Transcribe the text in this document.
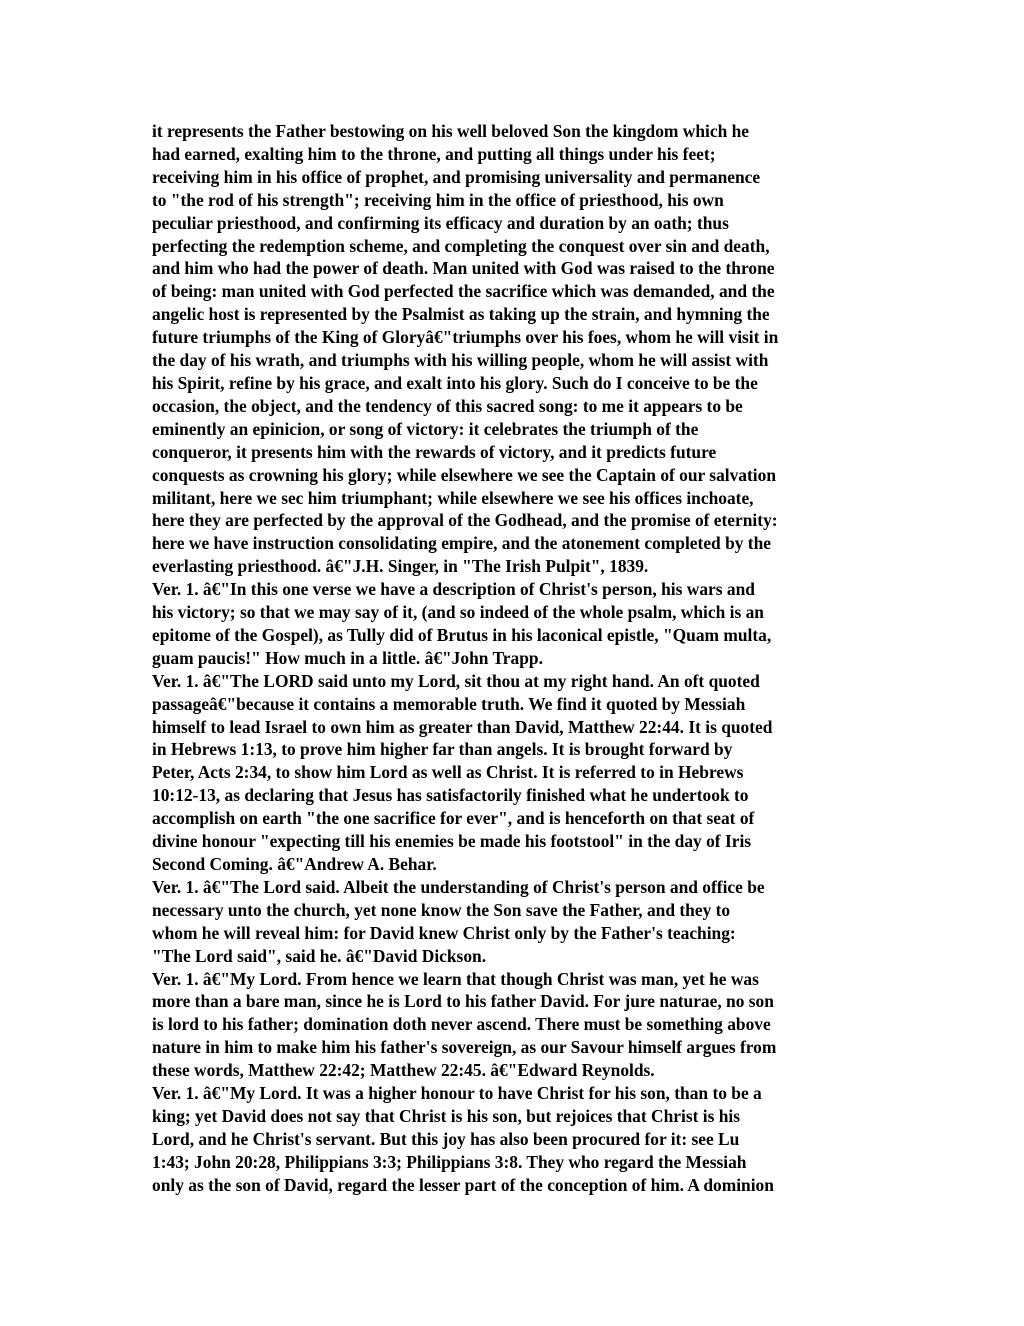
it represents the Father bestowing on his well beloved Son the kingdom which he
had earned, exalting him to the throne, and putting all things under his feet;
receiving him in his office of prophet, and promising universality and permanence
to "the rod of his strength"; receiving him in the office of priesthood, his own
peculiar priesthood, and confirming its efficacy and duration by an oath; thus
perfecting the redemption scheme, and completing the conquest over sin and death,
and him who had the power of death. Man united with God was raised to the throne
of being: man united with God perfected the sacrifice which was demanded, and the
angelic host is represented by the Psalmist as taking up the strain, and hymning the
future triumphs of the King of Gloryâ€"triumphs over his foes, whom he will visit in
the day of his wrath, and triumphs with his willing people, whom he will assist with
his Spirit, refine by his grace, and exalt into his glory. Such do I conceive to be the
occasion, the object, and the tendency of this sacred song: to me it appears to be
eminently an epinicion, or song of victory: it celebrates the triumph of the
conqueror, it presents him with the rewards of victory, and it predicts future
conquests as crowning his glory; while elsewhere we see the Captain of our salvation
militant, here we sec him triumphant; while elsewhere we see his offices inchoate,
here they are perfected by the approval of the Godhead, and the promise of eternity:
here we have instruction consolidating empire, and the atonement completed by the
everlasting priesthood. â€"J.H. Singer, in "The Irish Pulpit", 1839.
Ver. 1. â€"In this one verse we have a description of Christ's person, his wars and
his victory; so that we may say of it, (and so indeed of the whole psalm, which is an
epitome of the Gospel), as Tully did of Brutus in his laconical epistle, "Quam multa,
guam paucis!" How much in a little. â€"John Trapp.
Ver. 1. â€"The LORD said unto my Lord, sit thou at my right hand. An oft quoted
passageâ€"because it contains a memorable truth. We find it quoted by Messiah
himself to lead Israel to own him as greater than David, Matthew 22:44. It is quoted
in Hebrews 1:13, to prove him higher far than angels. It is brought forward by
Peter, Acts 2:34, to show him Lord as well as Christ. It is referred to in Hebrews
10:12-13, as declaring that Jesus has satisfactorily finished what he undertook to
accomplish on earth "the one sacrifice for ever", and is henceforth on that seat of
divine honour "expecting till his enemies be made his footstool" in the day of Iris
Second Coming. â€"Andrew A. Behar.
Ver. 1. â€"The Lord said. Albeit the understanding of Christ's person and office be
necessary unto the church, yet none know the Son save the Father, and they to
whom he will reveal him: for David knew Christ only by the Father's teaching:
"The Lord said", said he. â€"David Dickson.
Ver. 1. â€"My Lord. From hence we learn that though Christ was man, yet he was
more than a bare man, since he is Lord to his father David. For jure naturae, no son
is lord to his father; domination doth never ascend. There must be something above
nature in him to make him his father's sovereign, as our Savour himself argues from
these words, Matthew 22:42; Matthew 22:45. â€"Edward Reynolds.
Ver. 1. â€"My Lord. It was a higher honour to have Christ for his son, than to be a
king; yet David does not say that Christ is his son, but rejoices that Christ is his
Lord, and he Christ's servant. But this joy has also been procured for it: see Lu
1:43; John 20:28, Philippians 3:3; Philippians 3:8. They who regard the Messiah
only as the son of David, regard the lesser part of the conception of him. A dominion
